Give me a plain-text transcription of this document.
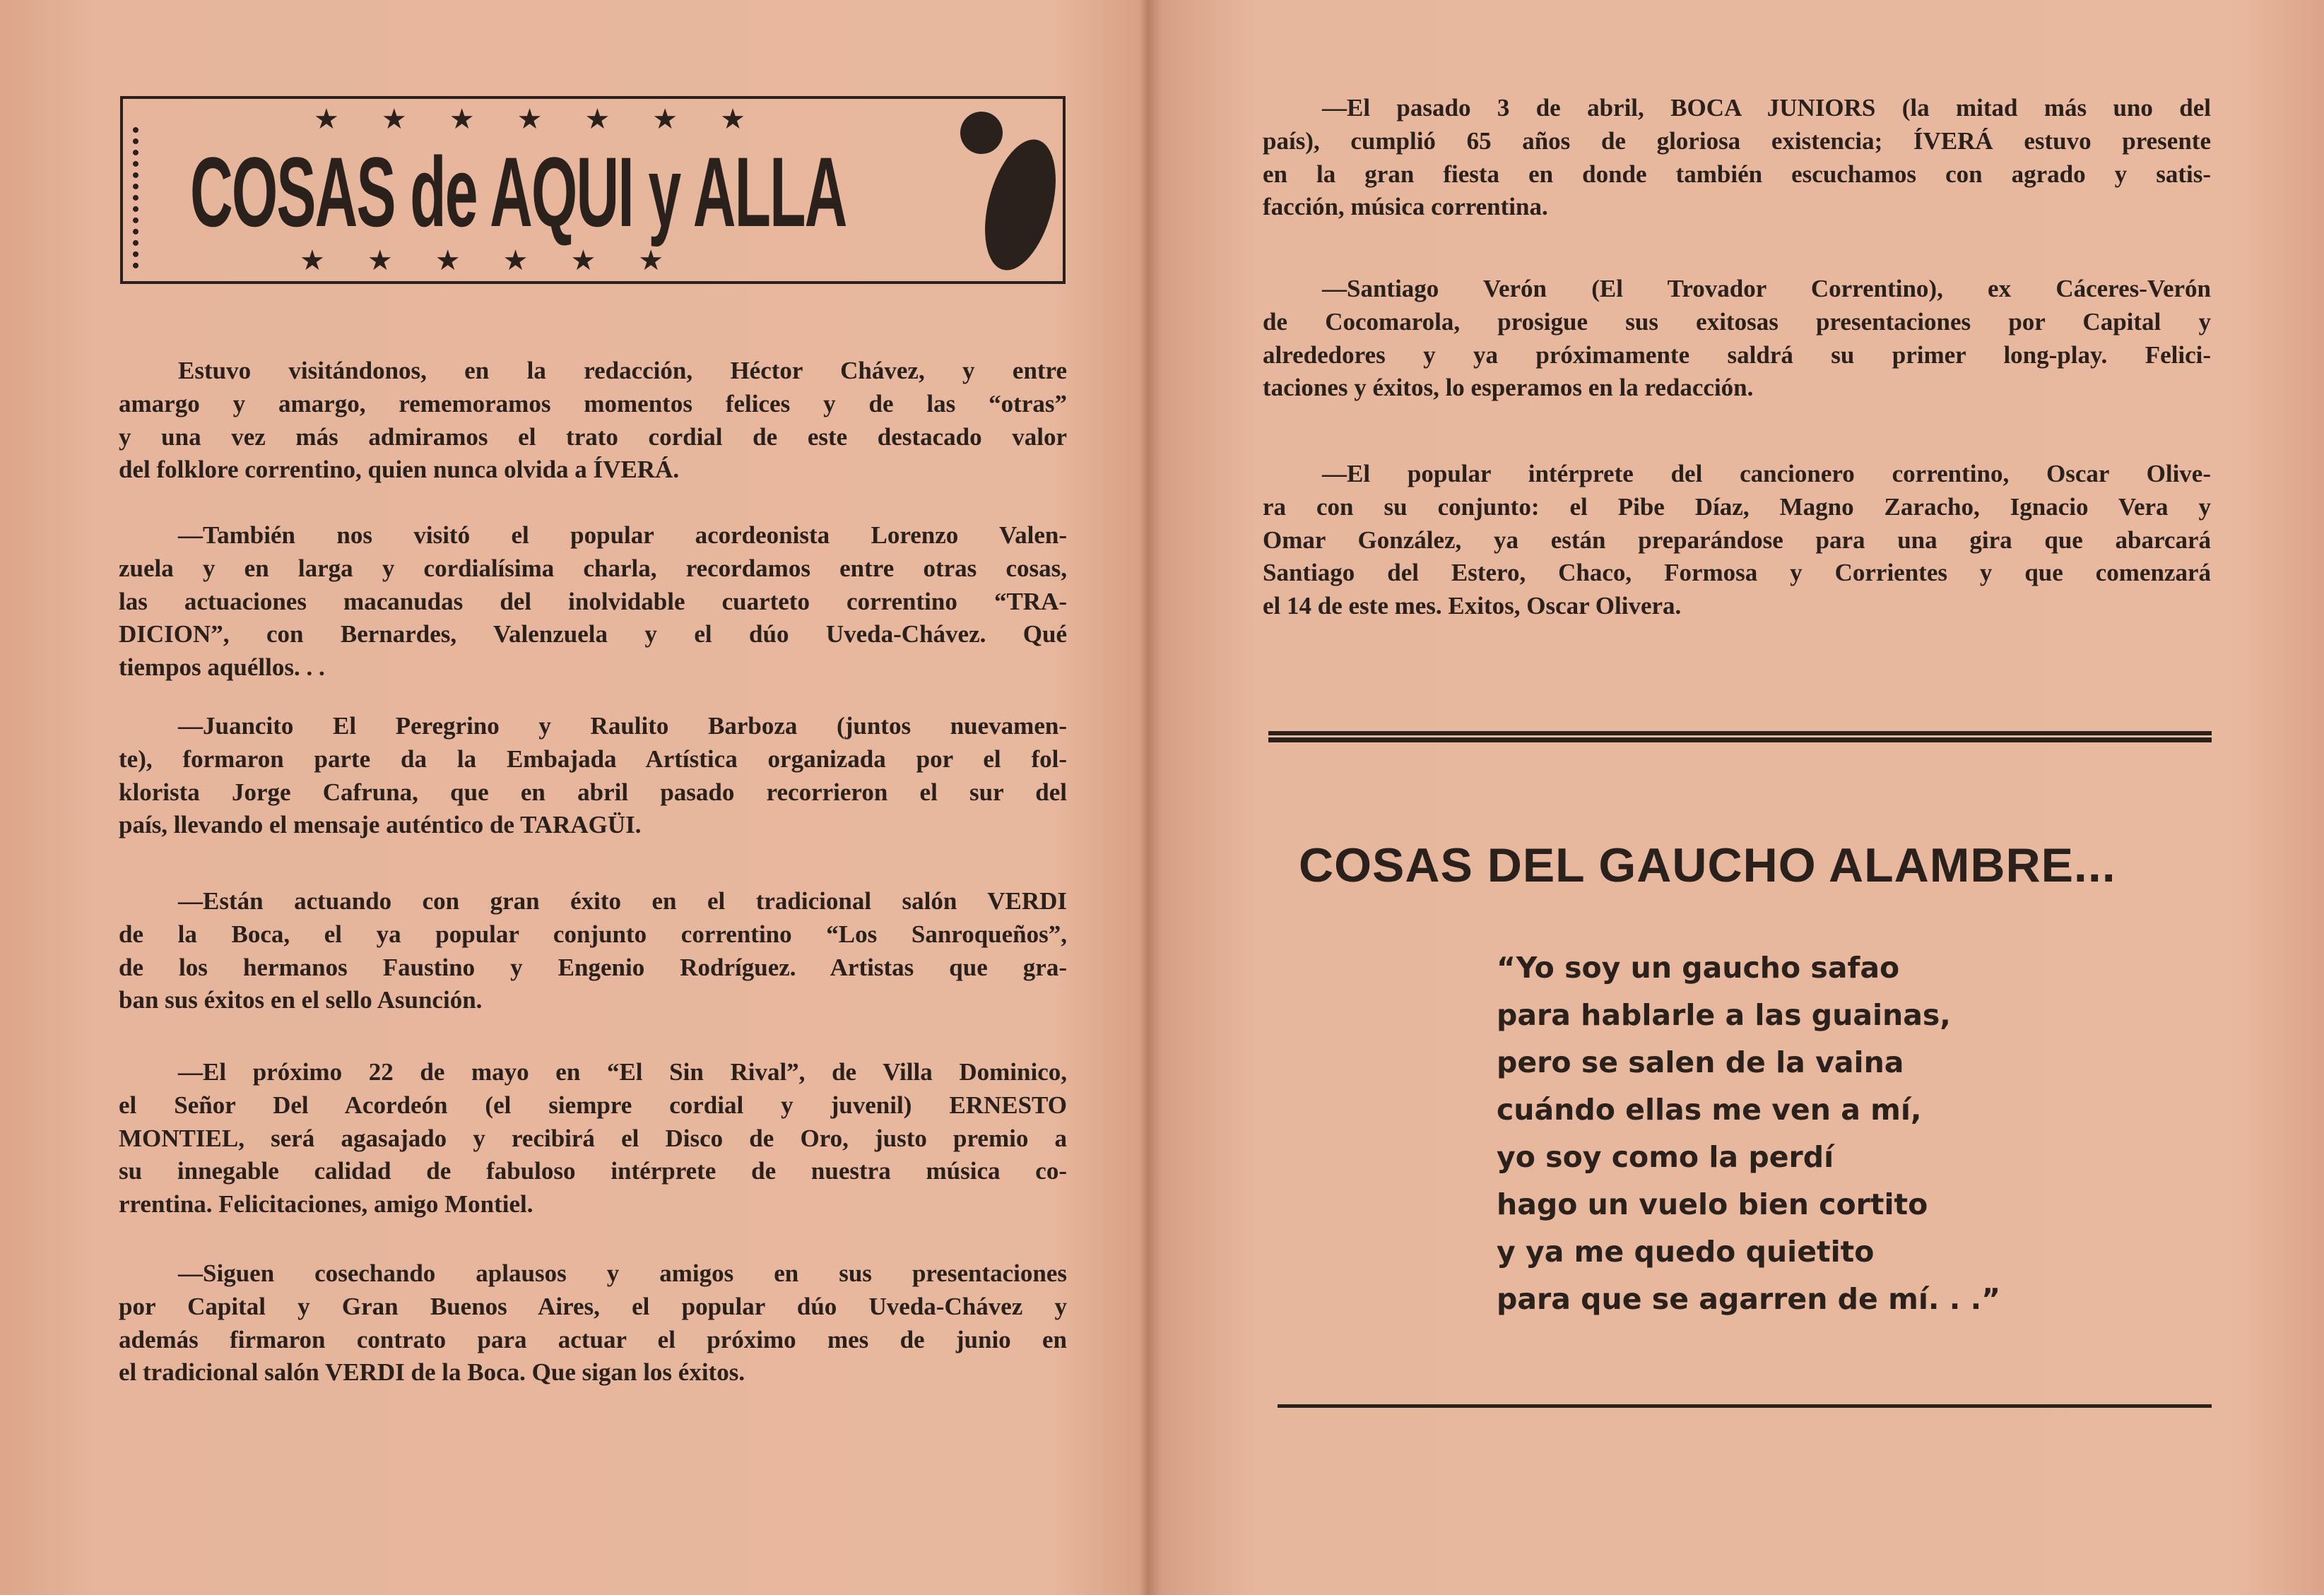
★★★★★★★
COSAS de AQUI y ALLA
★★★★★★
Estuvo visitándonos, en la redacción, Héctor Chávez, y entre
amargo y amargo, rememoramos momentos felices y de las “otras”
y una vez más admiramos el trato cordial de este destacado valor
del folklore correntino, quien nunca olvida a ÍVERÁ.
—También nos visitó el popular acordeonista Lorenzo Valen-
zuela y en larga y cordialísima charla, recordamos entre otras cosas,
las actuaciones macanudas del inolvidable cuarteto correntino “TRA-
DICION”, con Bernardes, Valenzuela y el dúo Uveda-Chávez. Qué
tiempos aquéllos. . .
—Juancito El Peregrino y Raulito Barboza (juntos nuevamen-
te), formaron parte da la Embajada Artística organizada por el fol-
klorista Jorge Cafruna, que en abril pasado recorrieron el sur del
país, llevando el mensaje auténtico de TARAGÜI.
—Están actuando con gran éxito en el tradicional salón VERDI
de la Boca, el ya popular conjunto correntino “Los Sanroqueños”,
de los hermanos Faustino y Engenio Rodríguez. Artistas que gra-
ban sus éxitos en el sello Asunción.
—El próximo 22 de mayo en “El Sin Rival”, de Villa Dominico,
el Señor Del Acordeón (el siempre cordial y juvenil) ERNESTO
MONTIEL, será agasajado y recibirá el Disco de Oro, justo premio a
su innegable calidad de fabuloso intérprete de nuestra música co-
rrentina. Felicitaciones, amigo Montiel.
—Siguen cosechando aplausos y amigos en sus presentaciones
por Capital y Gran Buenos Aires, el popular dúo Uveda-Chávez y
además firmaron contrato para actuar el próximo mes de junio en
el tradicional salón VERDI de la Boca. Que sigan los éxitos.
—El pasado 3 de abril, BOCA JUNIORS (la mitad más uno del
país), cumplió 65 años de gloriosa existencia; ÍVERÁ estuvo presente
en la gran fiesta en donde también escuchamos con agrado y satis-
facción, música correntina.
—Santiago Verón (El Trovador Correntino), ex Cáceres-Verón
de Cocomarola, prosigue sus exitosas presentaciones por Capital y
alrededores y ya próximamente saldrá su primer long-play. Felici-
taciones y éxitos, lo esperamos en la redacción.
—El popular intérprete del cancionero correntino, Oscar Olive-
ra con su conjunto: el Pibe Díaz, Magno Zaracho, Ignacio Vera y
Omar González, ya están preparándose para una gira que abarcará
Santiago del Estero, Chaco, Formosa y Corrientes y que comenzará
el 14 de este mes. Exitos, Oscar Olivera.
COSAS DEL GAUCHO ALAMBRE...
“Yo soy un gaucho safao
para hablarle a las guainas,
pero se salen de la vaina
cuándo ellas me ven a mí,
yo soy como la perdí
hago un vuelo bien cortito
y ya me quedo quietito
para que se agarren de mí. . .”
